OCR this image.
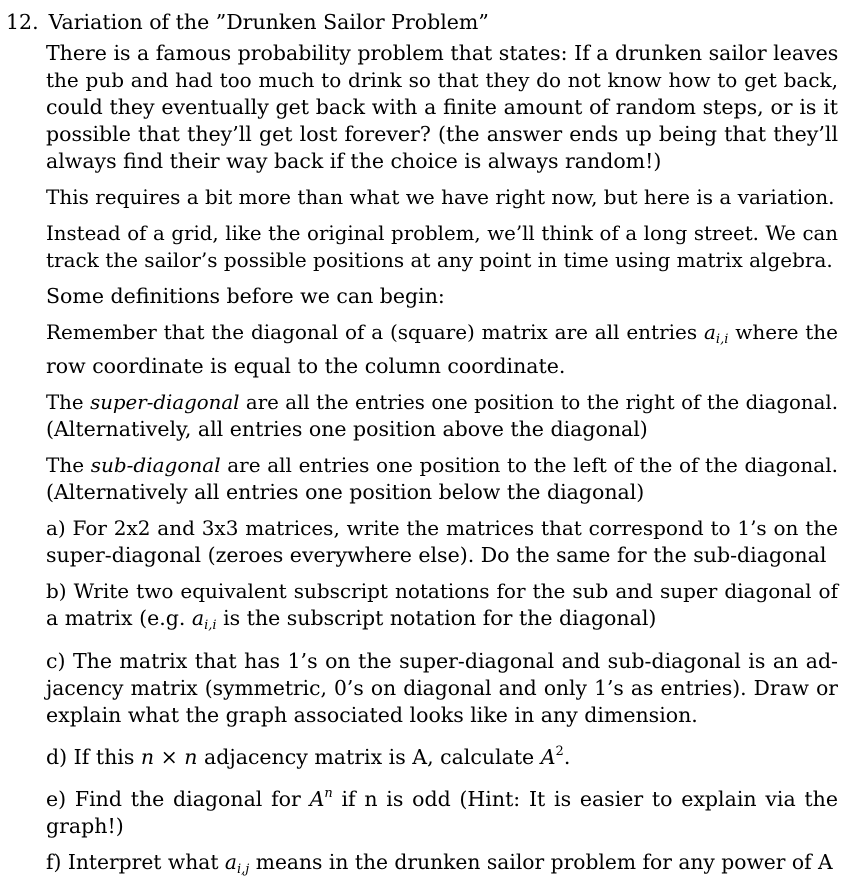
12. Variation of the ”Drunken Sailor Problem”
There is a famous probability problem that states: If a drunken sailor leaves
the pub and had too much to drink so that they do not know how to get back,
could they eventually get back with a finite amount of random steps, or is it
possible that they’ll get lost forever? (the answer ends up being that they’ll
always find their way back if the choice is always random!)
This requires a bit more than what we have right now, but here is a variation.
Instead of a grid, like the original problem, we’ll think of a long street. We can
track the sailor’s possible positions at any point in time using matrix algebra.
Some definitions before we can begin:
Remember that the diagonal of a (square) matrix are all entries $a_{i,i}$ where the
row coordinate is equal to the column coordinate.
The super-diagonal are all the entries one position to the right of the diagonal.
(Alternatively, all entries one position above the diagonal)
The sub-diagonal are all entries one position to the left of the of the diagonal.
(Alternatively all entries one position below the diagonal)
a) For 2x2 and 3x3 matrices, write the matrices that correspond to 1’s on the
super-diagonal (zeroes everywhere else). Do the same for the sub-diagonal
b) Write two equivalent subscript notations for the sub and super diagonal of
a matrix (e.g. $a_{i,i}$ is the subscript notation for the diagonal)
c) The matrix that has 1’s on the super-diagonal and sub-diagonal is an ad-
jacency matrix (symmetric, 0’s on diagonal and only 1’s as entries). Draw or
explain what the graph associated looks like in any dimension.
d) If this n × n adjacency matrix is A, calculate $A^2$.
e) Find the diagonal for $A^n$ if n is odd (Hint: It is easier to explain via the
graph!)
f) Interpret what $a_{i,j}$ means in the drunken sailor problem for any power of A
